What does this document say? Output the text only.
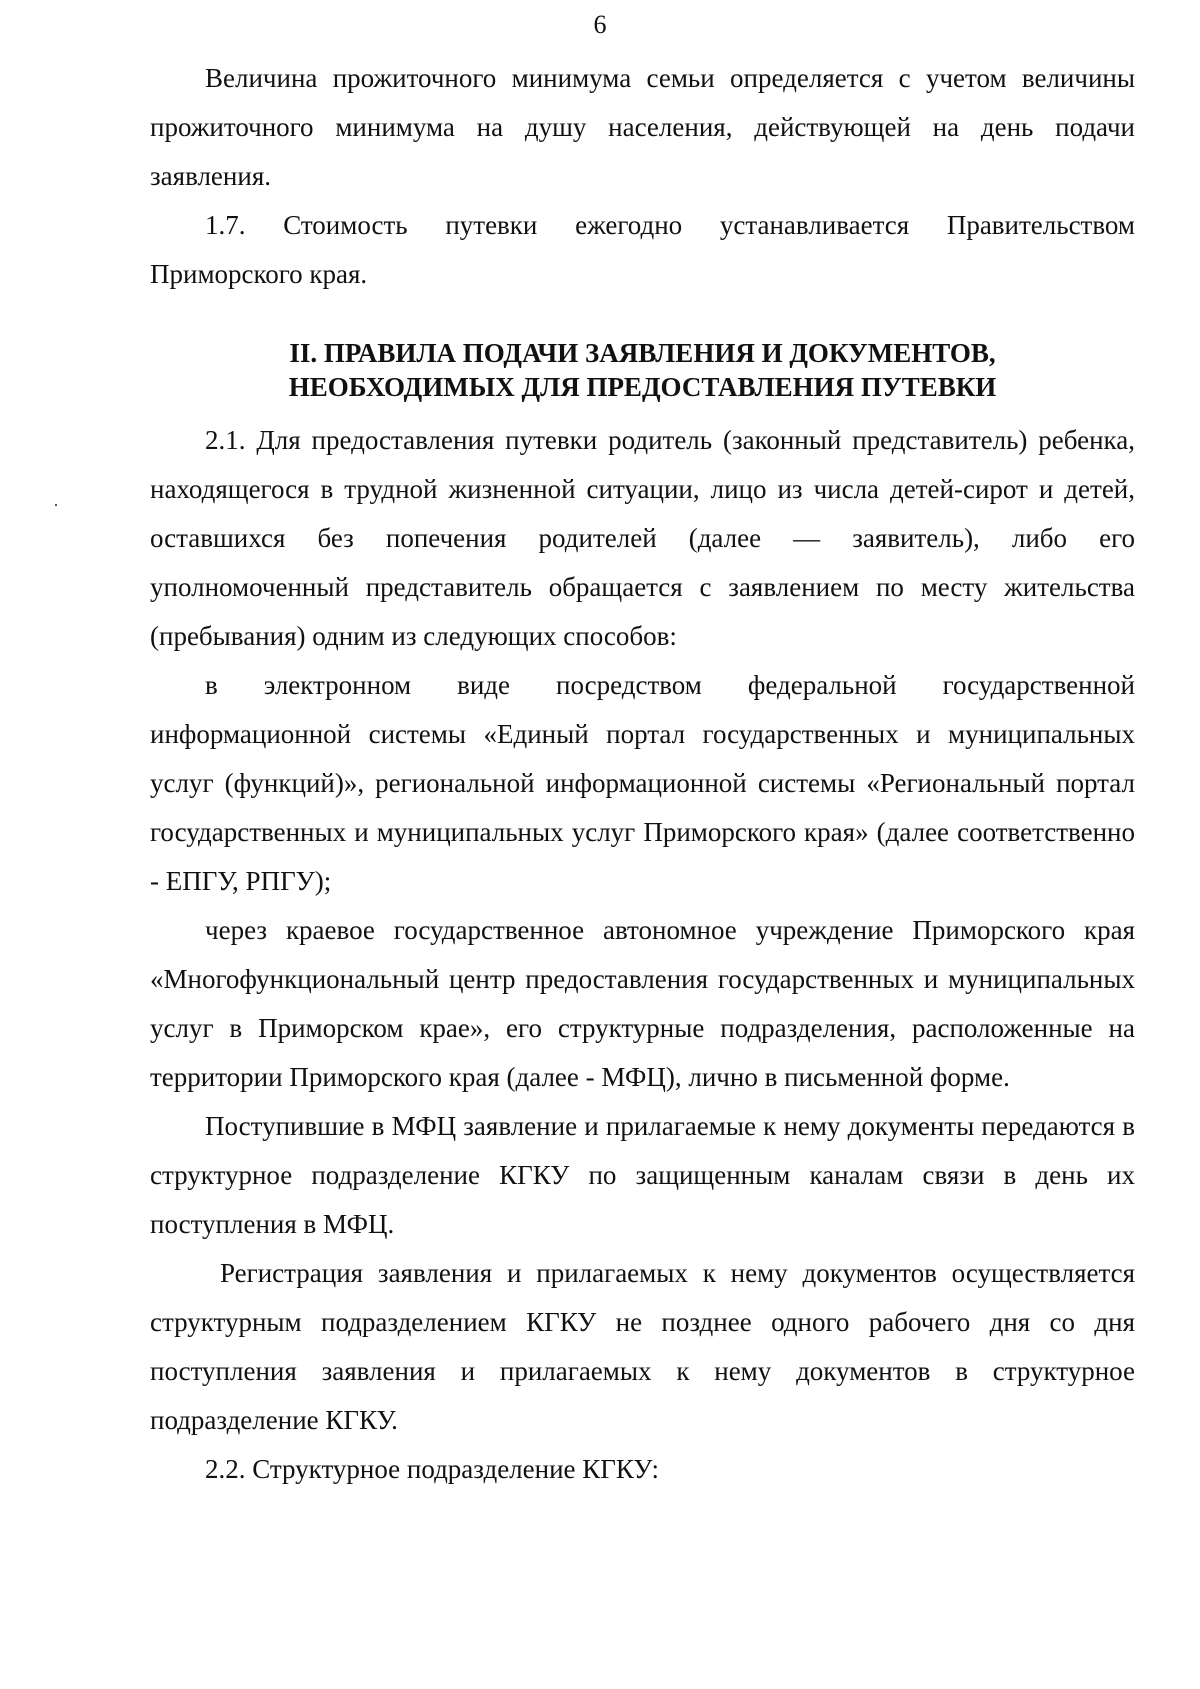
6

Величина прожиточного минимума семьи определяется с учетом величины прожиточного минимума на душу населения, действующей на день подачи заявления.

1.7. Стоимость путевки ежегодно устанавливается Правительством Приморского края.

II. ПРАВИЛА ПОДАЧИ ЗАЯВЛЕНИЯ И ДОКУМЕНТОВ,

НЕОБХОДИМЫХ ДЛЯ ПРЕДОСТАВЛЕНИЯ ПУТЕВКИ

2.1. Для предоставления путевки родитель (законный представитель) ребенка, находящегося в трудной жизненной ситуации, лицо из числа детей-сирот и детей, оставшихся без попечения родителей (далее — заявитель), либо его уполномоченный представитель обращается с заявлением по месту жительства (пребывания) одним из следующих способов:

в электронном виде посредством федеральной государственной информационной системы «Единый портал государственных и муниципальных услуг (функций)», региональной информационной системы «Региональный портал государственных и муниципальных услуг Приморского края» (далее соответственно - ЕПГУ, РПГУ);

через краевое государственное автономное учреждение Приморского края «Многофункциональный центр предоставления государственных и муниципальных услуг в Приморском крае», его структурные подразделения, расположенные на территории Приморского края (далее - МФЦ), лично в письменной форме.

Поступившие в МФЦ заявление и прилагаемые к нему документы передаются в структурное подразделение КГКУ по защищенным каналам связи в день их поступления в МФЦ.

Регистрация заявления и прилагаемых к нему документов осуществляется структурным подразделением КГКУ не позднее одного рабочего дня со дня поступления заявления и прилагаемых к нему документов в структурное подразделение КГКУ.

2.2. Структурное подразделение КГКУ:
